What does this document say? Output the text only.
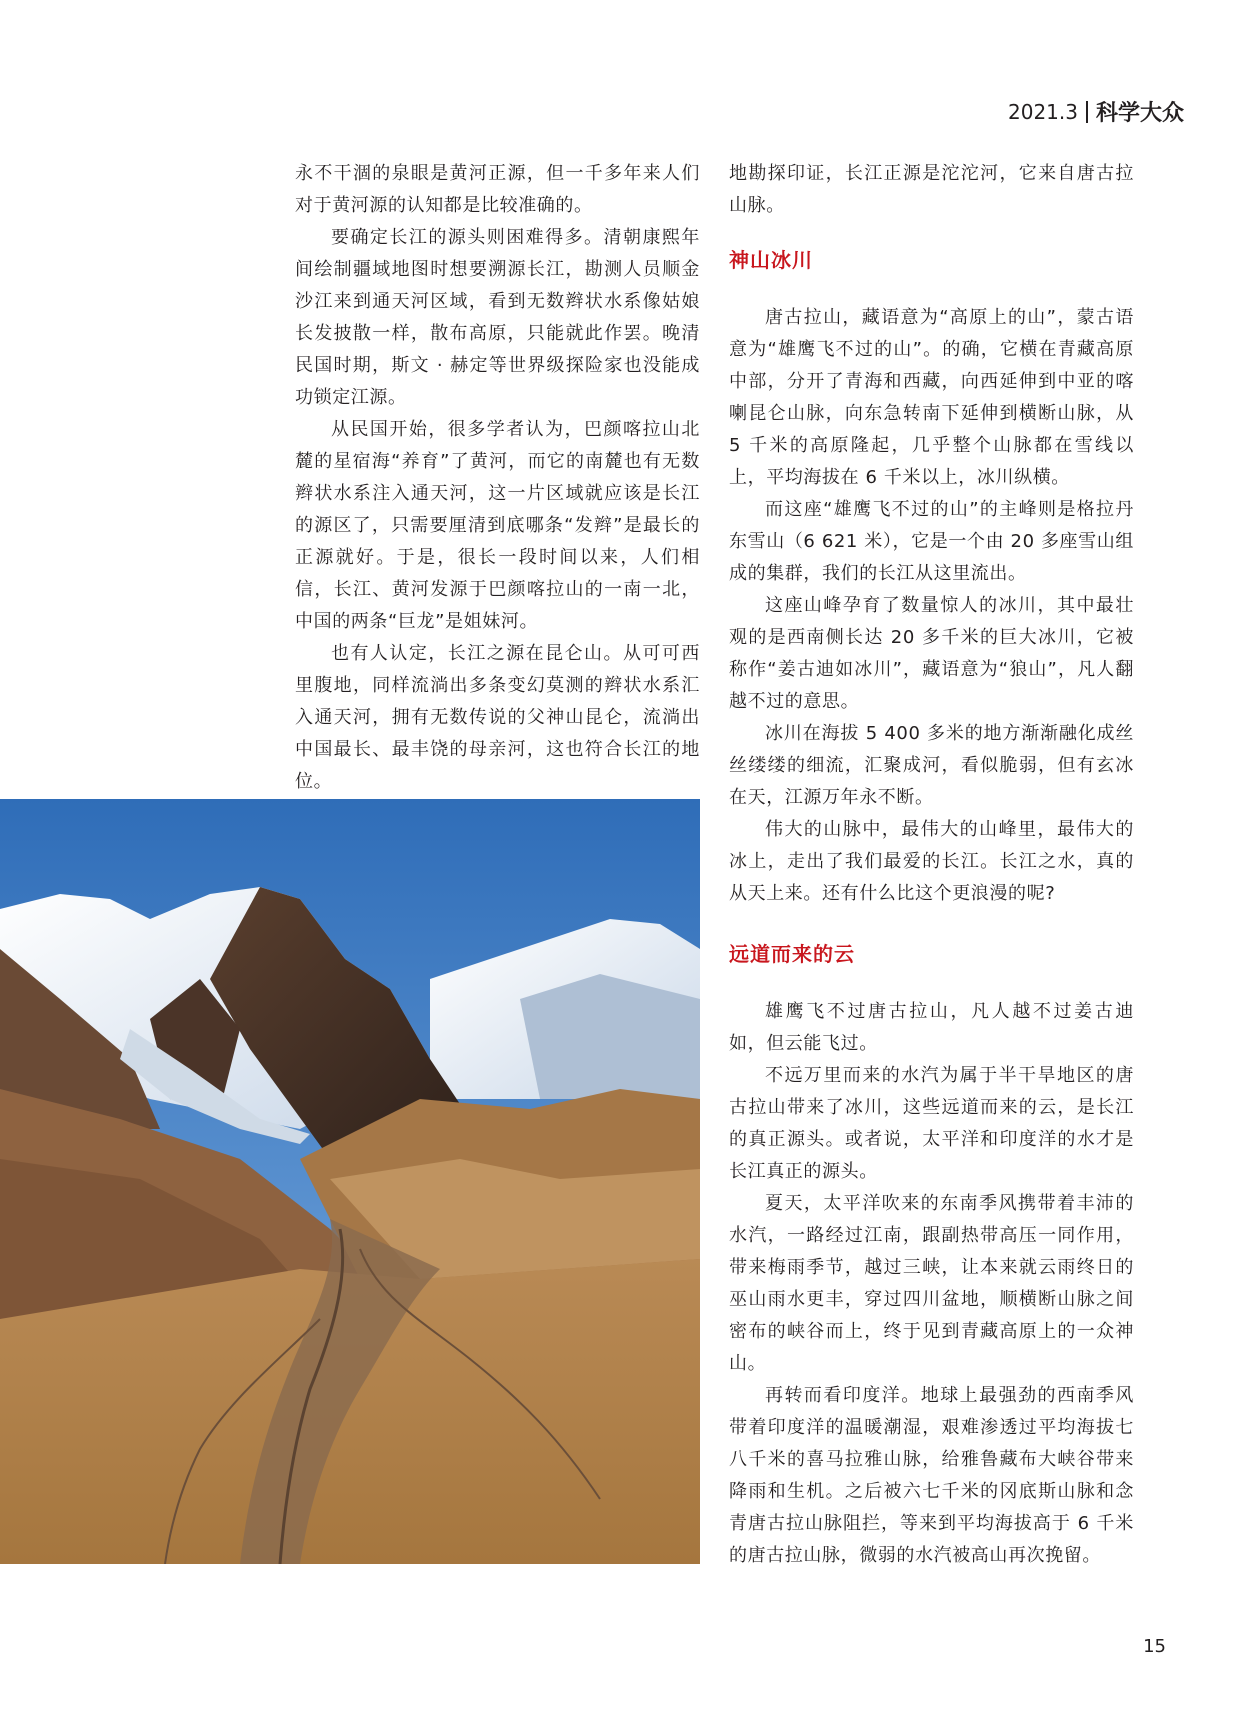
2021.3 科学大众

永不干涸的泉眼是黄河正源，但一千多年来人们对于黄河源的认知都是比较准确的。

要确定长江的源头则困难得多。清朝康熙年间绘制疆域地图时想要溯源长江，勘测人员顺金沙江来到通天河区域，看到无数辫状水系像姑娘长发披散一样，散布高原，只能就此作罢。晚清民国时期，斯文 · 赫定等世界级探险家也没能成功锁定江源。

从民国开始，很多学者认为，巴颜喀拉山北麓的星宿海“养育”了黄河，而它的南麓也有无数辫状水系注入通天河，这一片区域就应该是长江的源区了，只需要厘清到底哪条“发辫”是最长的正源就好。于是，很长一段时间以来，人们相信，长江、黄河发源于巴颜喀拉山的一南一北，中国的两条“巨龙”是姐妹河。

也有人认定，长江之源在昆仑山。从可可西里腹地，同样流淌出多条变幻莫测的辫状水系汇入通天河，拥有无数传说的父神山昆仑，流淌出中国最长、最丰饶的母亲河，这也符合长江的地位。

地勘探印证，长江正源是沱沱河，它来自唐古拉山脉。

神山冰川

唐古拉山，藏语意为“高原上的山”，蒙古语意为“雄鹰飞不过的山”。的确，它横在青藏高原中部，分开了青海和西藏，向西延伸到中亚的喀喇昆仑山脉，向东急转南下延伸到横断山脉，从 5 千米的高原隆起，几乎整个山脉都在雪线以上，平均海拔在 6 千米以上，冰川纵横。

而这座“雄鹰飞不过的山”的主峰则是格拉丹东雪山（6 621 米），它是一个由 20 多座雪山组成的集群，我们的长江从这里流出。

这座山峰孕育了数量惊人的冰川，其中最壮观的是西南侧长达 20 多千米的巨大冰川，它被称作“姜古迪如冰川”，藏语意为“狼山”，凡人翻越不过的意思。

冰川在海拔 5 400 多米的地方渐渐融化成丝丝缕缕的细流，汇聚成河，看似脆弱，但有玄冰在天，江源万年永不断。

伟大的山脉中，最伟大的山峰里，最伟大的冰上，走出了我们最爱的长江。长江之水，真的从天上来。还有什么比这个更浪漫的呢?

远道而来的云

雄鹰飞不过唐古拉山，凡人越不过姜古迪如，但云能飞过。

不远万里而来的水汽为属于半干旱地区的唐古拉山带来了冰川，这些远道而来的云，是长江的真正源头。或者说，太平洋和印度洋的水才是长江真正的源头。

夏天，太平洋吹来的东南季风携带着丰沛的水汽，一路经过江南，跟副热带高压一同作用，带来梅雨季节，越过三峡，让本来就云雨终日的巫山雨水更丰，穿过四川盆地，顺横断山脉之间密布的峡谷而上，终于见到青藏高原上的一众神山。

再转而看印度洋。地球上最强劲的西南季风带着印度洋的温暖潮湿，艰难渗透过平均海拔七八千米的喜马拉雅山脉，给雅鲁藏布大峡谷带来降雨和生机。之后被六七千米的冈底斯山脉和念青唐古拉山脉阻拦，等来到平均海拔高于 6 千米的唐古拉山脉，微弱的水汽被高山再次挽留。

15
